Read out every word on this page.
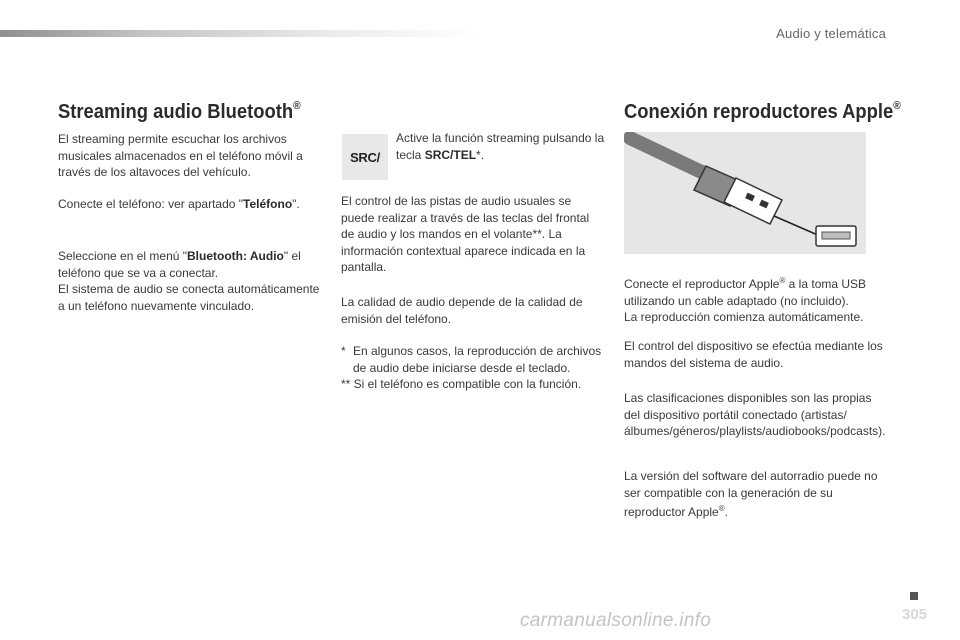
Audio y telemática
Streaming audio Bluetooth®

El streaming permite escuchar los archivos musicales almacenados en el teléfono móvil a través de los altavoces del vehículo.

Conecte el teléfono: ver apartado "Teléfono".

Seleccione en el menú "Bluetooth: Audio" el teléfono que se va a conectar.
El sistema de audio se conecta automáticamente a un teléfono nuevamente vinculado.

SRC/

Active la función streaming pulsando la tecla SRC/TEL*.

El control de las pistas de audio usuales se puede realizar a través de las teclas del frontal de audio y los mandos en el volante**. La información contextual aparece indicada en la pantalla.

La calidad de audio depende de la calidad de emisión del teléfono.

* En algunos casos, la reproducción de archivos de audio debe iniciarse desde el teclado.
** Si el teléfono es compatible con la función.
Conexión reproductores Apple®

Conecte el reproductor Apple® a la toma USB utilizando un cable adaptado (no incluido).
La reproducción comienza automáticamente.

El control del dispositivo se efectúa mediante los mandos del sistema de audio.

Las clasificaciones disponibles son las propias del dispositivo portátil conectado (artistas/álbumes/géneros/playlists/audiobooks/podcasts).

La versión del software del autorradio puede no ser compatible con la generación de su reproductor Apple®.

305
carmanualsonline.info
